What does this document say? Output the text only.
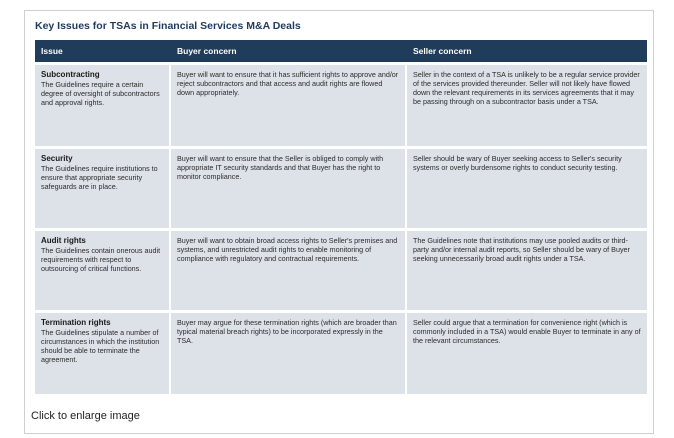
Key Issues for TSAs in Financial Services M&A Deals
Issue	Buyer concern	Seller concern

Subcontracting
The Guidelines require a certain degree of oversight of subcontractors and approval rights.	Buyer will want to ensure that it has sufficient rights to approve and/or reject subcontractors and that access and audit rights are flowed down appropriately.	Seller in the context of a TSA is unlikely to be a regular service provider of the services provided thereunder. Seller will not likely have flowed down the relevant requirements in its services agreements that it may be passing through on a subcontractor basis under a TSA.

Security
The Guidelines require institutions to ensure that appropriate security safeguards are in place.	Buyer will want to ensure that the Seller is obliged to comply with appropriate IT security standards and that Buyer has the right to monitor compliance.	Seller should be wary of Buyer seeking access to Seller's security systems or overly burdensome rights to conduct security testing.

Audit rights
The Guidelines contain onerous audit requirements with respect to outsourcing of critical functions.	Buyer will want to obtain broad access rights to Seller's premises and systems, and unrestricted audit rights to enable monitoring of compliance with regulatory and contractual requirements.	The Guidelines note that institutions may use pooled audits or third-party and/or internal audit reports, so Seller should be wary of Buyer seeking unnecessarily broad audit rights under a TSA.

Termination rights
The Guidelines stipulate a number of circumstances in which the institution should be able to terminate the agreement.	Buyer may argue for these termination rights (which are broader than typical material breach rights) to be incorporated expressly in the TSA.	Seller could argue that a termination for convenience right (which is commonly included in a TSA) would enable Buyer to terminate in any of the relevant circumstances.
Click to enlarge image
